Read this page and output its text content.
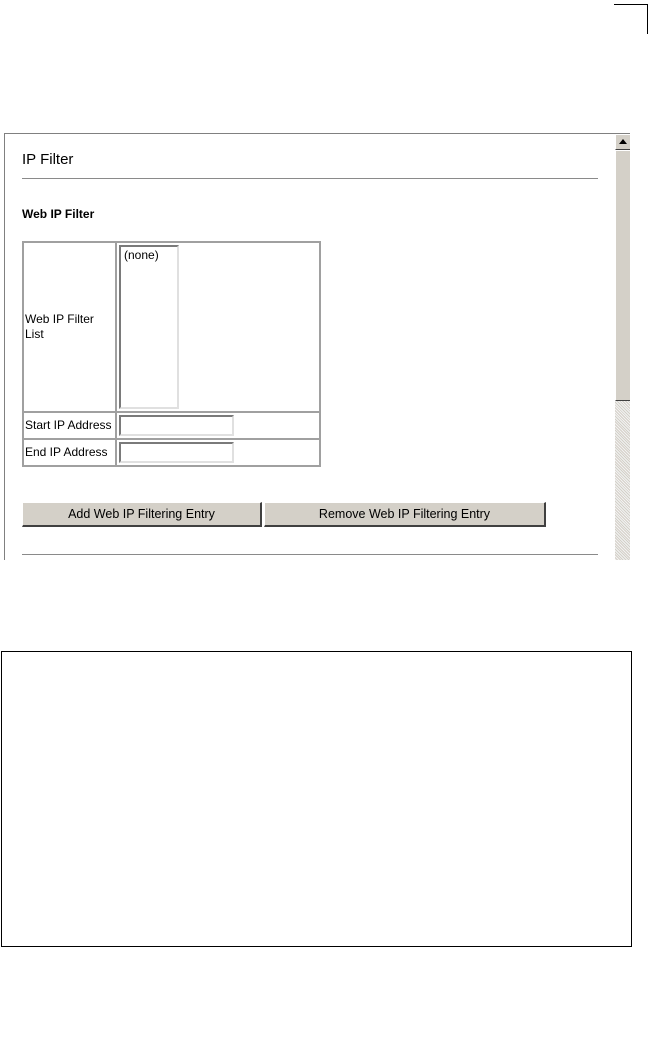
IP Filter
Web IP Filter
Web IP Filter List	(none)

Start IP Address	

End IP Address	
Add Web IP Filtering Entry	Remove Web IP Filtering Entry
